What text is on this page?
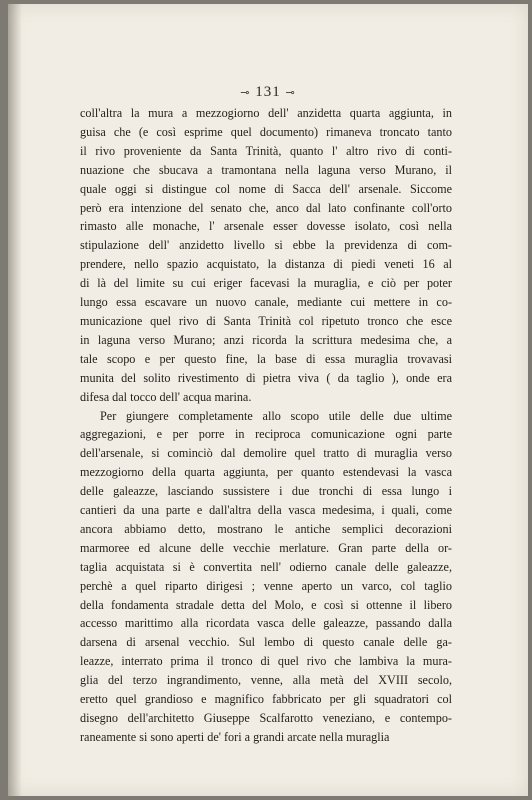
⊸ 131 ⊸
coll'altra la mura a mezzogiorno dell' anzidetta quarta aggiunta, in
guisa che (e così esprime quel documento) rimaneva troncato tanto
il rivo proveniente da Santa Trinità, quanto l' altro rivo di conti-
nuazione che sbucava a tramontana nella laguna verso Murano, il
quale oggi si distingue col nome di Sacca dell' arsenale. Siccome
però era intenzione del senato che, anco dal lato confinante coll'orto
rimasto alle monache, l' arsenale esser dovesse isolato, così nella
stipulazione dell' anzidetto livello si ebbe la previdenza di com-
prendere, nello spazio acquistato, la distanza di piedi veneti 16 al
di là del limite su cui eriger facevasi la muraglia, e ciò per poter
lungo essa escavare un nuovo canale, mediante cui mettere in co-
municazione quel rivo di Santa Trinità col ripetuto tronco che esce
in laguna verso Murano; anzi ricorda la scrittura medesima che, a
tale scopo e per questo fine, la base di essa muraglia trovavasi
munita del solito rivestimento di pietra viva ( da taglio ), onde era
difesa dal tocco dell' acqua marina.
Per giungere completamente allo scopo utile delle due ultime
aggregazioni, e per porre in reciproca comunicazione ogni parte
dell'arsenale, si cominciò dal demolire quel tratto di muraglia verso
mezzogiorno della quarta aggiunta, per quanto estendevasi la vasca
delle galeazze, lasciando sussistere i due tronchi di essa lungo i
cantieri da una parte e dall'altra della vasca medesima, i quali, come
ancora abbiamo detto, mostrano le antiche semplici decorazioni
marmoree ed alcune delle vecchie merlature. Gran parte della or-
taglia acquistata si è convertita nell' odierno canale delle galeazze,
perchè a quel riparto dirigesi ; venne aperto un varco, col taglio
della fondamenta stradale detta del Molo, e così si ottenne il libero
accesso marittimo alla ricordata vasca delle galeazze, passando dalla
darsena di arsenal vecchio. Sul lembo di questo canale delle ga-
leazze, interrato prima il tronco di quel rivo che lambiva la mura-
glia del terzo ingrandimento, venne, alla metà del XVIII secolo,
eretto quel grandioso e magnifico fabbricato per gli squadratori col
disegno dell'architetto Giuseppe Scalfarotto veneziano, e contempo-
raneamente si sono aperti de' fori a grandi arcate nella muraglia
